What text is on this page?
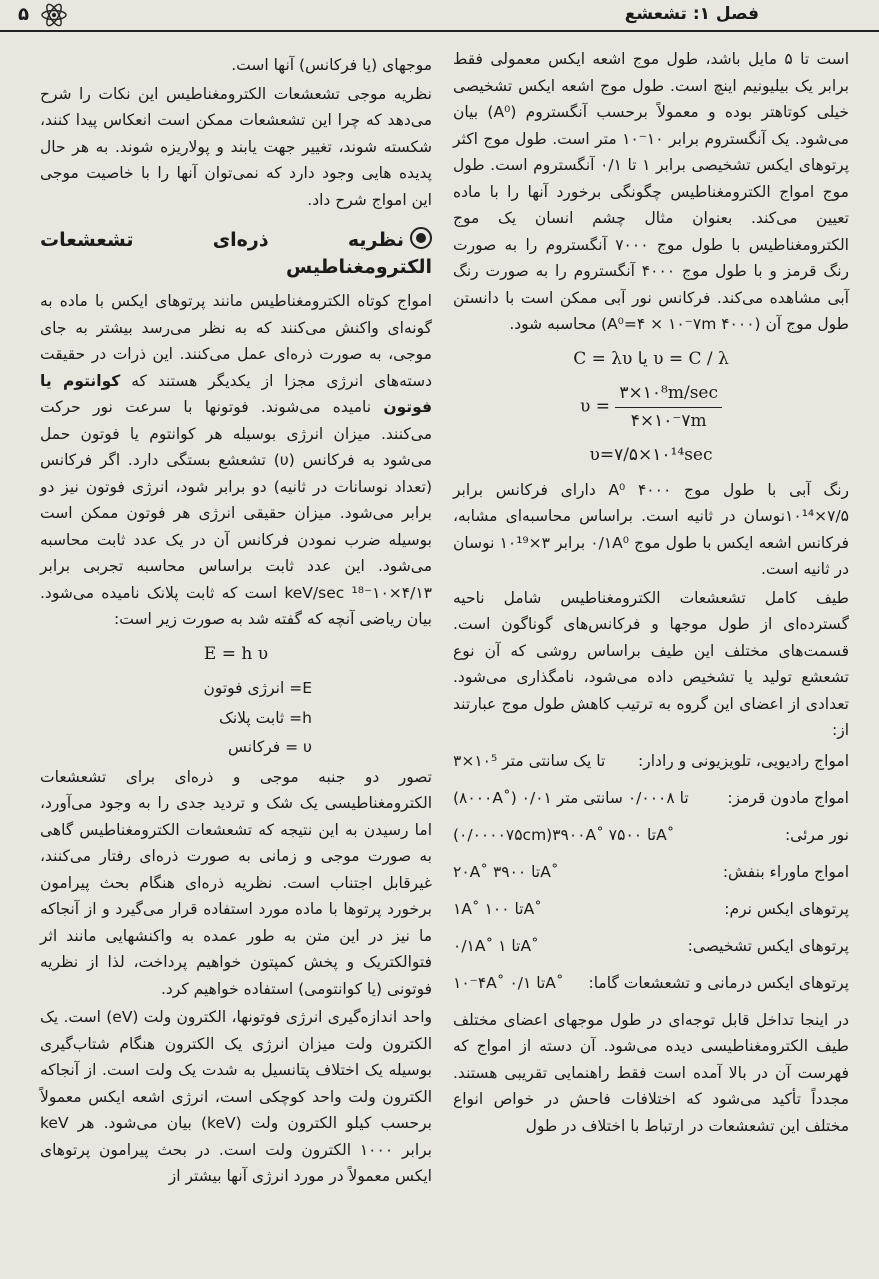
فصل ۱: تشعشع
۵

است تا ۵ مایل باشد، طول موج اشعه ایکس معمولی فقط برابر یک بیلیونیم اینچ است. طول موج اشعه ایکس تشخیصی خیلی کوتاهتر بوده و معمولاً برحسب آنگستروم (A⁰) بیان می‌شود. یک آنگستروم برابر ۱۰⁻۱۰ متر است. طول موج اکثر پرتوهای ایکس تشخیصی برابر ۱ تا ۰/۱ آنگستروم است. طول موج امواج الکترومغناطیس چگونگی برخورد آنها را با ماده تعیین می‌کند. بعنوان مثال چشم انسان یک موج الکترومغناطیس با طول موج ۷۰۰۰ آنگستروم را به صورت رنگ قرمز و با طول موج ۴۰۰۰ آنگستروم را به صورت رنگ آبی مشاهده می‌کند. فرکانس نور آبی ممکن است با دانستن طول موج آن (۴۰۰۰ A⁰=۴ × ۱۰⁻۷m) محاسبه شود.

C = λυ یا υ = C / λ

$\upsilon = \frac{\text{۳×۱۰⁸m/sec}}{۴\times ۱۰^-۷m}$

υ=۷/۵×۱۰¹⁴sec

رنگ آبی با طول موج ۴۰۰۰ A⁰ دارای فرکانس برابر ۷/۵×۱۰¹⁴نوسان در ثانیه است. براساس محاسبه‌ای مشابه، فرکانس اشعه ایکس با طول موج ۰/۱A⁰ برابر ۳×۱۰¹⁹ نوسان در ثانیه است.

طیف کامل تشعشعات الکترومغناطیس شامل ناحیه گسترده‌ای از طول موجها و فرکانس‌های گوناگون است. قسمت‌های مختلف این طیف براساس روشی که آن نوع تشعشع تولید یا تشخیص داده می‌شود، نامگذاری می‌شود. تعدادی از اعضای این گروه به ترتیب کاهش طول موج عبارتند از:

امواج رادیویی، تلویزیونی و رادار:
۳×۱۰⁵ تا یک سانتی متر
امواج مادون قرمز:
(۸۰۰۰A˚) ۰/۰۱ تا ۰/۰۰۰۸ سانتی متر
نور مرئی:
(۰/۰۰۰۰۷۵cm)۳۹۰۰A˚ تا ۷۵۰۰A˚
امواج ماوراء بنفش:
۲۰A˚ تا ۳۹۰۰A˚
پرتوهای ایکس نرم:
۱A˚ تا ۱۰۰A˚
پرتوهای ایکس تشخیصی:
۰/۱A˚ تا ۱A˚
پرتوهای ایکس درمانی و تشعشعات گاما:
۱۰⁻۴A˚ تا ۰/۱A˚

در اینجا تداخل قابل توجه‌ای در طول موجهای اعضای مختلف طیف الکترومغناطیسی دیده می‌شود. آن دسته از امواج که فهرست آن در بالا آمده است فقط راهنمایی تقریبی هستند. مجدداً تأکید می‌شود که اختلافات فاحش در خواص انواع مختلف این تشعشعات در ارتباط با اختلاف در طول

موجهای (یا فرکانس) آنها است.

نظریه موجی تشعشعات الکترومغناطیس این نکات را شرح می‌دهد که چرا این تشعشعات ممکن است انعکاس پیدا کنند، شکسته شوند، تغییر جهت یابند و پولاریزه شوند. به هر حال پدیده هایی وجود دارد که نمی‌توان آنها را با خاصیت موجی این امواج شرح داد.

نظریه ذره‌ای تشعشعات الکترومغناطیس

امواج کوتاه الکترومغناطیس مانند پرتوهای ایکس با ماده به گونه‌ای واکنش می‌کنند که به نظر می‌رسد بیشتر به جای موجی، به صورت ذره‌ای عمل می‌کنند. این ذرات در حقیقت دسته‌های انرژی مجزا از یکدیگر هستند که کوانتوم یا فوتون نامیده می‌شوند. فوتونها با سرعت نور حرکت می‌کنند. میزان انرژی بوسیله هر کوانتوم یا فوتون حمل می‌شود به فرکانس (υ) تشعشع بستگی دارد. اگر فرکانس (تعداد نوسانات در ثانیه) دو برابر شود، انرژی فوتون نیز دو برابر می‌شود. میزان حقیقی انرژی هر فوتون ممکن است بوسیله ضرب نمودن فرکانس آن در یک عدد ثابت محاسبه می‌شود. این عدد ثابت براساس محاسبه تجربی برابر ۴/۱۳×۱۰⁻¹⁸ keV/sec است که ثابت پلانک نامیده می‌شود. بیان ریاضی آنچه که گفته شد به صورت زیر است:

E = h υ

E= انرژی فوتون

h= ثابت پلانک

υ = فرکانس

تصور دو جنبه موجی و ذره‌ای برای تشعشعات الکترومغناطیسی یک شک و تردید جدی را به وجود می‌آورد، اما رسیدن به این نتیجه که تشعشعات الکترومغناطیس گاهی به صورت موجی و زمانی به صورت ذره‌ای رفتار می‌کنند، غیرقابل اجتناب است. نظریه ذره‌ای هنگام بحث پیرامون برخورد پرتوها با ماده مورد استفاده قرار می‌گیرد و از آنجاکه ما نیز در این متن به طور عمده به واکنشهایی مانند اثر فتوالکتریک و پخش کمپتون خواهیم پرداخت، لذا از نظریه فوتونی (یا کوانتومی) استفاده خواهیم کرد.

واحد اندازه‌گیری انرژی فوتونها، الکترون ولت (eV) است. یک الکترون ولت میزان انرژی یک الکترون هنگام شتاب‌گیری بوسیله یک اختلاف پتانسیل به شدت یک ولت است. از آنجاکه الکترون ولت واحد کوچکی است، انرژی اشعه ایکس معمولاً برحسب کیلو الکترون ولت (keV) بیان می‌شود. هر keV برابر ۱۰۰۰ الکترون ولت است. در بحث پیرامون پرتوهای ایکس معمولاً در مورد انرژی آنها بیشتر از
